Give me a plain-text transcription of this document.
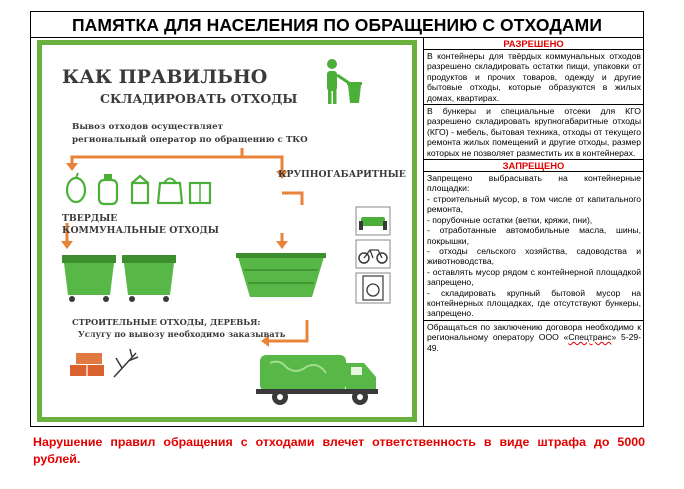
ПАМЯТКА ДЛЯ НАСЕЛЕНИЯ ПО ОБРАЩЕНИЮ С ОТХОДАМИ
КАК ПРАВИЛЬНО
СКЛАДИРОВАТЬ ОТХОДЫ
Вывоз отходов осуществляет
региональный оператор по обращению с ТКО
КРУПНОГАБАРИТНЫЕ
ТВЕРДЫЕ
КОММУНАЛЬНЫЕ ОТХОДЫ
СТРОИТЕЛЬНЫЕ ОТХОДЫ, ДЕРЕВЬЯ:
Услугу по вывозу необходимо заказывать
РАЗРЕШЕНО
В контейнеры для твёрдых коммунальных отходов разрешено складировать остатки пищи, упаковки от продуктов и прочих товаров, одежду и другие бытовые отходы, которые образуются в жилых домах, квартирах.
В бункеры и специальные отсеки для КГО разрешено складировать крупногабаритные отходы (КГО) - мебель, бытовая техника, отходы от текущего ремонта жилых помещений и другие отходы, размер которых не позволяет разместить их в контейнерах.
ЗАПРЕЩЕНО
Запрещено выбрасывать на контейнерные площадки:
- строительный мусор, в том числе от капитального ремонта,
- порубочные остатки (ветки, кряжи, пни),
- отработанные автомобильные масла, шины, покрышки,
- отходы сельского хозяйства, садоводства и животноводства,
- оставлять мусор рядом с контейнерной площадкой запрещено,
- складировать крупный бытовой мусор на контейнерных площадках, где отсутствуют бункеры, запрещено.
Обращаться по заключению договора необходимо к региональному оператору ООО «Спецтранс» 5-29-49.
Нарушение правил обращения с отходами влечет ответственность в виде штрафа до 5000 рублей.
